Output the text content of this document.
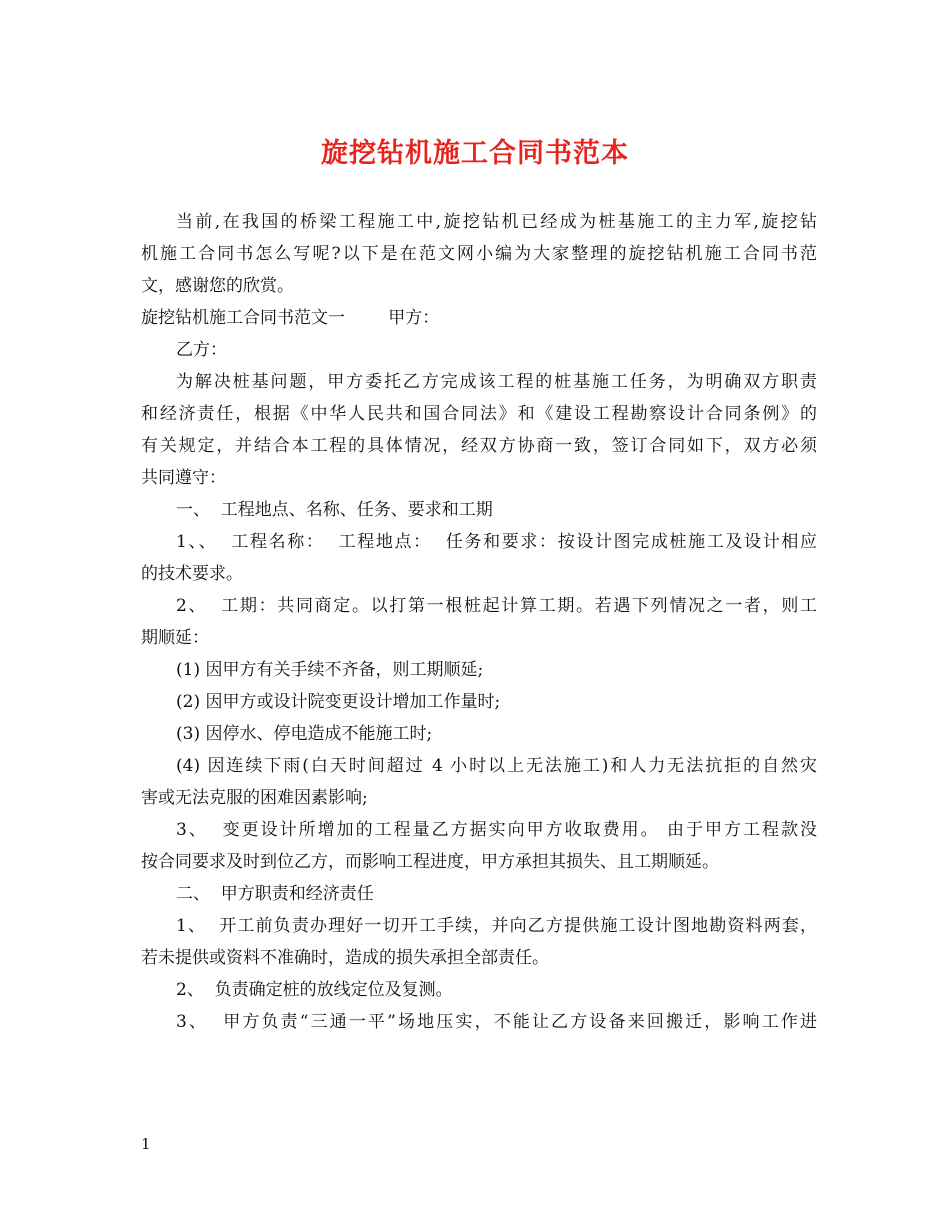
旋挖钻机施工合同书范本

当前,在我国的桥梁工程施工中,旋挖钻机已经成为桩基施工的主力军,旋挖钻

机施工合同书怎么写呢?以下是在范文网小编为大家整理的旋挖钻机施工合同书范

文，感谢您的欣赏。

旋挖钻机施工合同书范文一        甲方：

乙方：

为解决桩基问题，甲方委托乙方完成该工程的桩基施工任务，为明确双方职责

和经济责任，根据《中华人民共和国合同法》和《建设工程勘察设计合同条例》的

有关规定，并结合本工程的具体情况，经双方协商一致，签订合同如下，双方必须

共同遵守：

一、  工程地点、名称、任务、要求和工期

1、、  工程名称：  工程地点：  任务和要求：按设计图完成桩施工及设计相应

的技术要求。

2、  工期：共同商定。以打第一根桩起计算工期。若遇下列情况之一者，则工

期顺延：

(1) 因甲方有关手续不齐备，则工期顺延;

(2) 因甲方或设计院变更设计增加工作量时;

(3) 因停水、停电造成不能施工时;

(4) 因连续下雨(白天时间超过 4 小时以上无法施工)和人力无法抗拒的自然灾

害或无法克服的困难因素影响;

3、  变更设计所增加的工程量乙方据实向甲方收取费用。 由于甲方工程款没

按合同要求及时到位乙方，而影响工程进度，甲方承担其损失、且工期顺延。

二、  甲方职责和经济责任

1、  开工前负责办理好一切开工手续，并向乙方提供施工设计图地勘资料两套，

若未提供或资料不准确时，造成的损失承担全部责任。

2、  负责确定桩的放线定位及复测。

3、  甲方负责“三通一平”场地压实，不能让乙方设备来回搬迁，影响工作进

1
